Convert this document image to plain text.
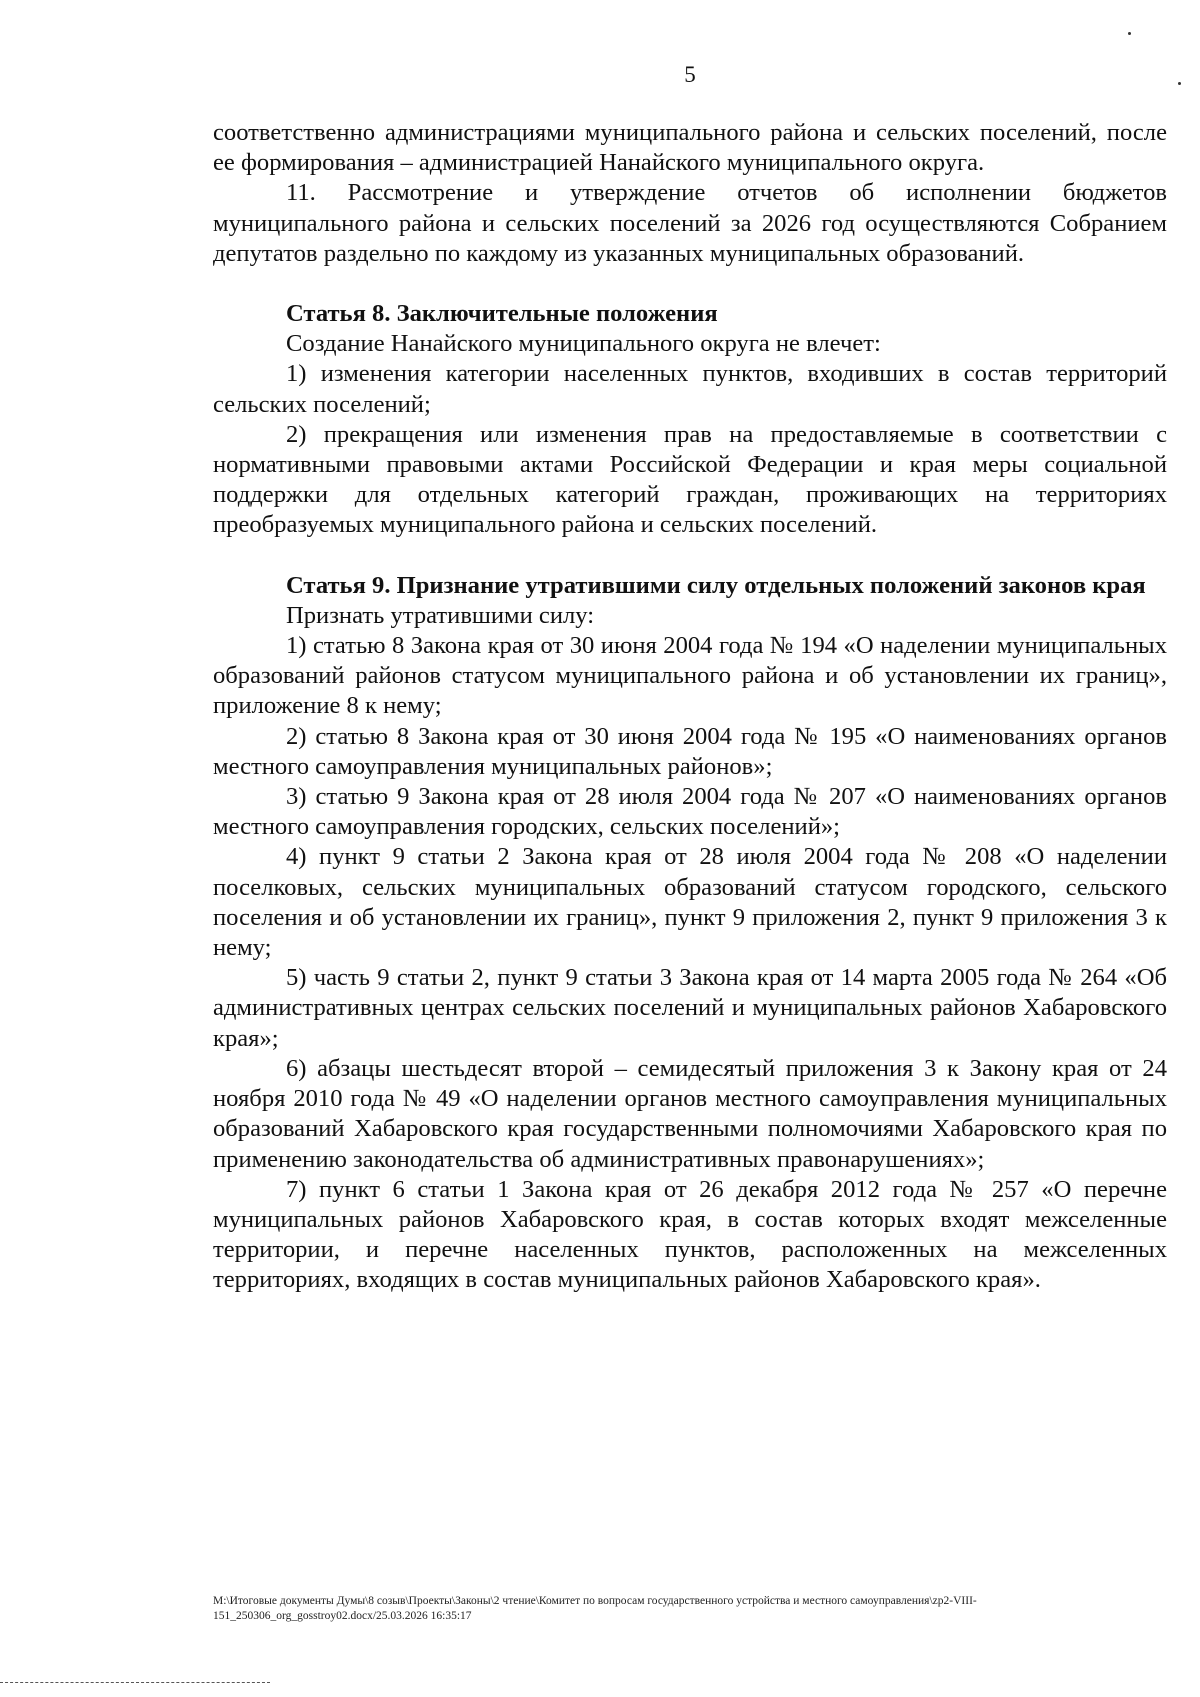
5

соответственно администрациями муниципального района и сельских поселений, после ее формирования – администрацией Нанайского муниципального округа.

11. Рассмотрение и утверждение отчетов об исполнении бюджетов муниципального района и сельских поселений за 2026 год осуществляются Собранием депутатов раздельно по каждому из указанных муниципальных образований.

Статья 8. Заключительные положения

Создание Нанайского муниципального округа не влечет:

1) изменения категории населенных пунктов, входивших в состав территорий сельских поселений;

2) прекращения или изменения прав на предоставляемые в соответствии с нормативными правовыми актами Российской Федерации и края меры социальной поддержки для отдельных категорий граждан, проживающих на территориях преобразуемых муниципального района и сельских поселений.

Статья 9. Признание утратившими силу отдельных положений законов края

Признать утратившими силу:

1) статью 8 Закона края от 30 июня 2004 года № 194 «О наделении муниципальных образований районов статусом муниципального района и об установлении их границ», приложение 8 к нему;

2) статью 8 Закона края от 30 июня 2004 года № 195 «О наименованиях органов местного самоуправления муниципальных районов»;

3) статью 9 Закона края от 28 июля 2004 года № 207 «О наименованиях органов местного самоуправления городских, сельских поселений»;

4) пункт 9 статьи 2 Закона края от 28 июля 2004 года № 208 «О наделении поселковых, сельских муниципальных образований статусом городского, сельского поселения и об установлении их границ», пункт 9 приложения 2, пункт 9 приложения 3 к нему;

5) часть 9 статьи 2, пункт 9 статьи 3 Закона края от 14 марта 2005 года № 264 «Об административных центрах сельских поселений и муниципальных районов Хабаровского края»;

6) абзацы шестьдесят второй – семидесятый приложения 3 к Закону края от 24 ноября 2010 года № 49 «О наделении органов местного самоуправления муниципальных образований Хабаровского края государственными полномочиями Хабаровского края по применению законодательства об административных правонарушениях»;

7) пункт 6 статьи 1 Закона края от 26 декабря 2012 года № 257 «О перечне муниципальных районов Хабаровского края, в состав которых входят межселенные территории, и перечне населенных пунктов, расположенных на межселенных территориях, входящих в состав муниципальных районов Хабаровского края».

M:\Итоговые документы Думы\8 созыв\Проекты\Законы\2 чтение\Комитет по вопросам государственного устройства и местного самоуправления\zp2-VIII-151_250306_org_gosstroy02.docx/25.03.2026 16:35:17
